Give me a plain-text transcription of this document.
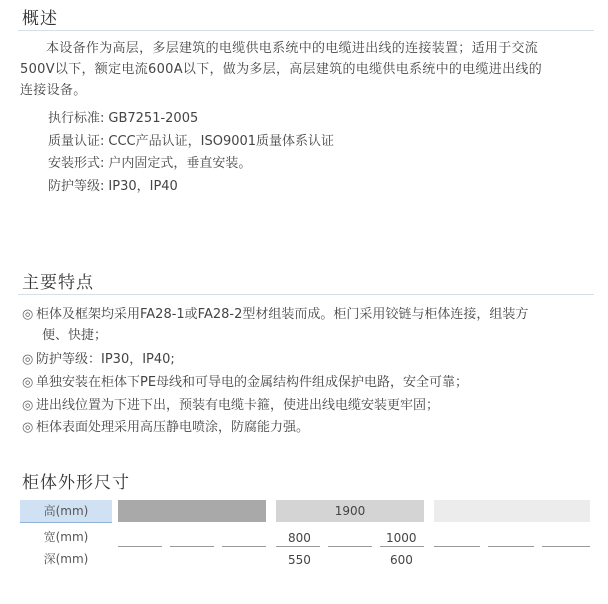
概述
本设备作为高层，多层建筑的电缆供电系统中的电缆进出线的连接装置；适用于交流
500V以下，额定电流600A以下，做为多层，高层建筑的电缆供电系统中的电缆进出线的
连接设备。
执行标准: GB7251-2005
质量认证: CCC产品认证，ISO9001质量体系认证
安装形式: 户内固定式，垂直安装。
防护等级: IP30，IP40
主要特点
◎ 柜体及框架均采用FA28-1或FA28-2型材组装而成。柜门采用铰链与柜体连接，组装方
便、快捷；
◎ 防护等级：IP30，IP40;
◎ 单独安装在柜体下PE母线和可导电的金属结构件组成保护电路，安全可靠；
◎ 进出线位置为下进下出，预装有电缆卡箍，使进出线电缆安装更牢固；
◎ 柜体表面处理采用高压静电喷涂，防腐能力强。
柜体外形尺寸
高(mm)
宽(mm)
深(mm)
1900
800	1000
550	600
